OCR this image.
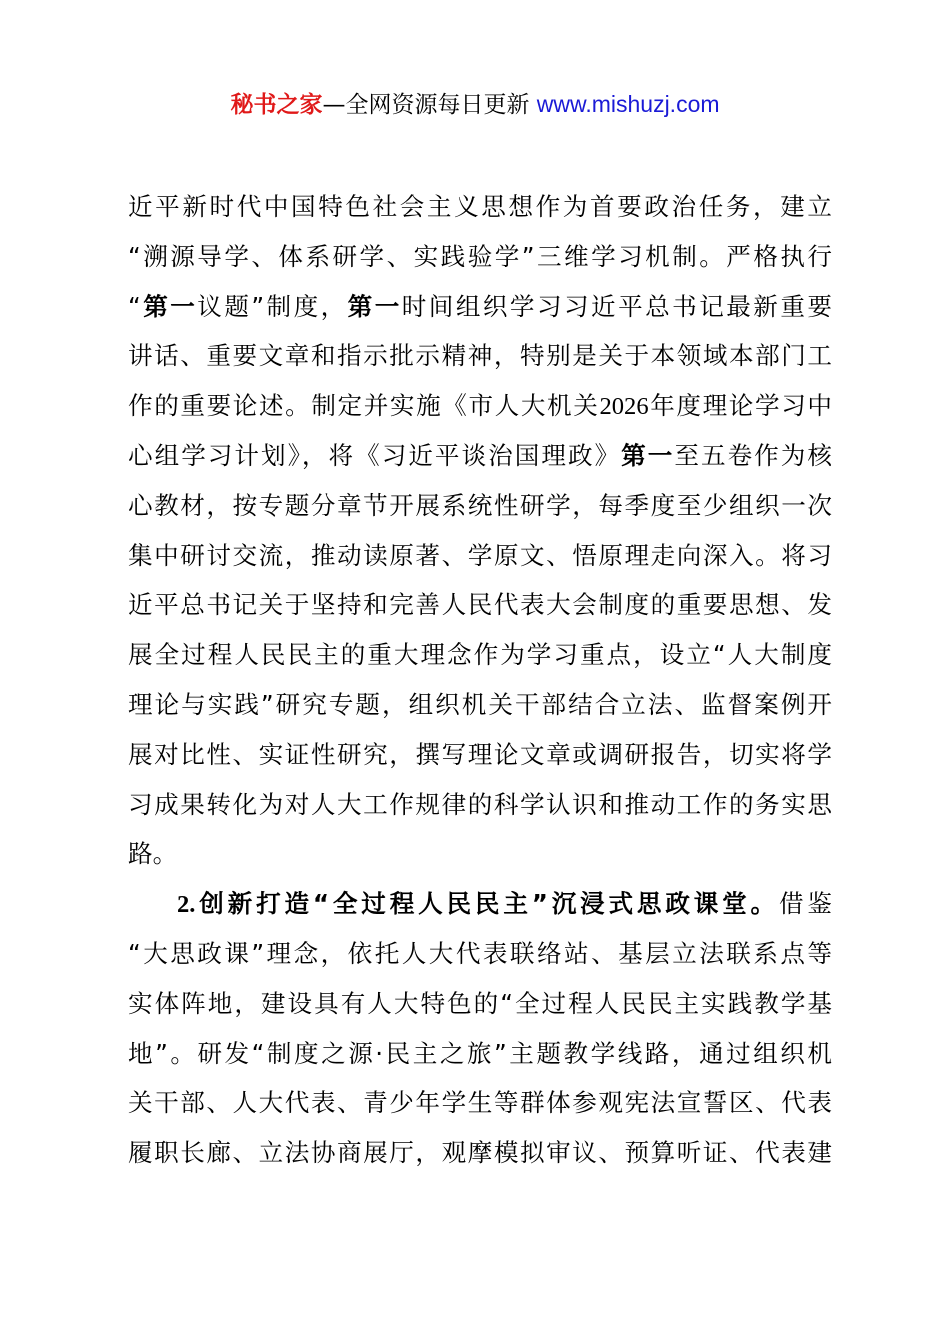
秘书之家—全网资源每日更新 www.mishuzj.com
近平新时代中国特色社会主义思想作为首要政治任务，建立
“溯源导学、体系研学、实践验学”三维学习机制。严格执行
“第一议题”制度，第一时间组织学习习近平总书记最新重要
讲话、重要文章和指示批示精神，特别是关于本领域本部门工
作的重要论述。制定并实施《市人大机关2026年度理论学习中
心组学习计划》，将《习近平谈治国理政》第一至五卷作为核
心教材，按专题分章节开展系统性研学，每季度至少组织一次
集中研讨交流，推动读原著、学原文、悟原理走向深入。将习
近平总书记关于坚持和完善人民代表大会制度的重要思想、发
展全过程人民民主的重大理念作为学习重点，设立“人大制度
理论与实践”研究专题，组织机关干部结合立法、监督案例开
展对比性、实证性研究，撰写理论文章或调研报告，切实将学
习成果转化为对人大工作规律的科学认识和推动工作的务实思
路。
2.创新打造“全过程人民民主”沉浸式思政课堂。借鉴
“大思政课”理念，依托人大代表联络站、基层立法联系点等
实体阵地，建设具有人大特色的“全过程人民民主实践教学基
地”。研发“制度之源·民主之旅”主题教学线路，通过组织机
关干部、人大代表、青少年学生等群体参观宪法宣誓区、代表
履职长廊、立法协商展厅，观摩模拟审议、预算听证、代表建
